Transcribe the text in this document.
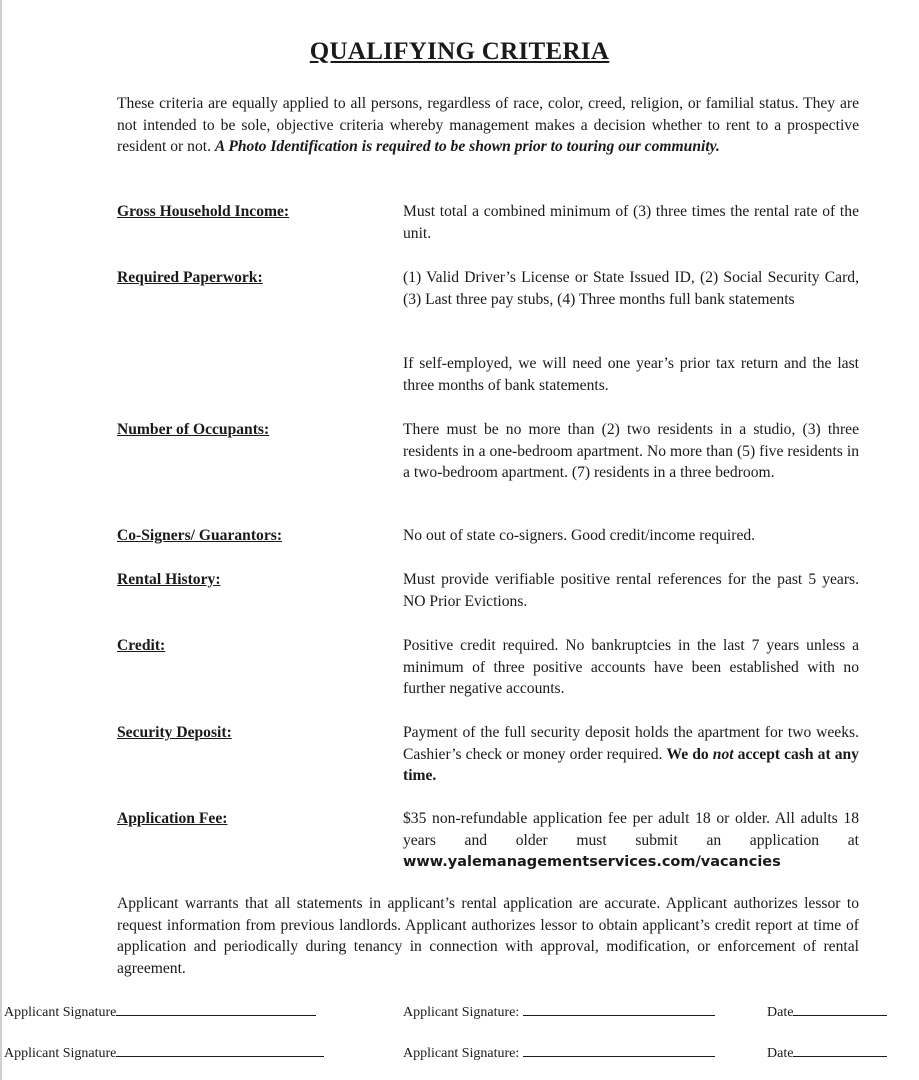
QUALIFYING CRITERIA
These criteria are equally applied to all persons, regardless of race, color, creed, religion, or familial status. They are not intended to be sole, objective criteria whereby management makes a decision whether to rent to a prospective resident or not. A Photo Identification is required to be shown prior to touring our community.
Gross Household Income:	Must total a combined minimum of (3) three times the rental rate of the unit.
Required Paperwork:	(1) Valid Driver’s License or State Issued ID, (2) Social Security Card, (3) Last three pay stubs, (4) Three months full bank statements
If self-employed, we will need one year’s prior tax return and the last three months of bank statements.
Number of Occupants:	There must be no more than (2) two residents in a studio, (3) three residents in a one-bedroom apartment. No more than (5) five residents in a two-bedroom apartment. (7) residents in a three bedroom.
Co-Signers/ Guarantors:	No out of state co-signers. Good credit/income required.
Rental History:	Must provide verifiable positive rental references for the past 5 years. NO Prior Evictions.
Credit:	Positive credit required. No bankruptcies in the last 7 years unless a minimum of three positive accounts have been established with no further negative accounts.
Security Deposit:	Payment of the full security deposit holds the apartment for two weeks. Cashier’s check or money order required. We do not accept cash at any time.
Application Fee:	$35 non-refundable application fee per adult 18 or older. All adults 18 years and older must submit an application at www.yalemanagementservices.com/vacancies
Applicant warrants that all statements in applicant’s rental application are accurate. Applicant authorizes lessor to request information from previous landlords. Applicant authorizes lessor to obtain applicant’s credit report at time of application and periodically during tenancy in connection with approval, modification, or enforcement of rental agreement.
Applicant Signature	Applicant Signature:	Date
Applicant Signature	Applicant Signature:	Date
